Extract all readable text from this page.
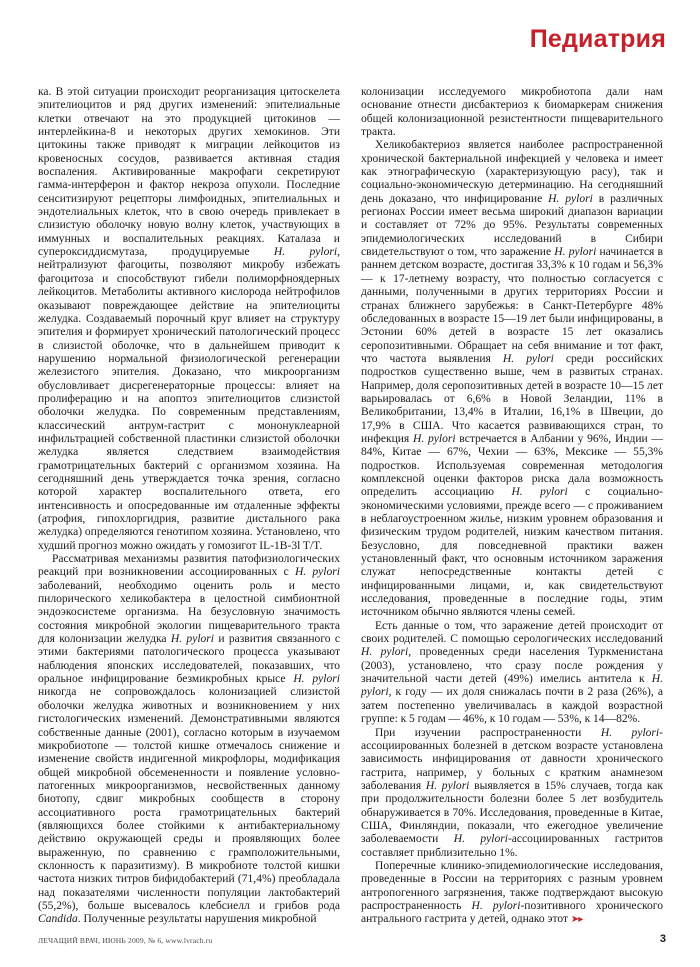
Педиатрия

ка. В этой ситуации происходит реорганизация цитоскелета эпителиоцитов и ряд других изменений: эпителиальные клетки отвечают на это продукцией цитокинов — интерлейкина-8 и некоторых других хемокинов. Эти цитокины также приводят к миграции лейкоцитов из кровеносных сосудов, развивается активная стадия воспаления. Активированные макрофаги секретируют гамма-интерферон и фактор некроза опухоли. Последние сенситизируют рецепторы лимфоидных, эпителиальных и эндотелиальных клеток, что в свою очередь привлекает в слизистую оболочку новую волну клеток, участвующих в иммунных и воспалительных реакциях. Каталаза и супероксиддисмутаза, продуцируемые H. pylori, нейтрализуют фагоциты, позволяют микробу избежать фагоцитоза и способствуют гибели полиморфноядерных лейкоцитов. Метаболиты активного кислорода нейтрофилов оказывают повреждающее действие на эпителиоциты желудка. Создаваемый порочный круг влияет на структуру эпителия и формирует хронический патологический процесс в слизистой оболочке, что в дальнейшем приводит к нарушению нормальной физиологической регенерации железистого эпителия. Доказано, что микроорганизм обусловливает дисрегенераторные процессы: влияет на пролиферацию и на апоптоз эпителиоцитов слизистой оболочки желудка. По современным представлениям, классический антрум-гастрит с мононуклеарной инфильтрацией собственной пластинки слизистой оболочки желудка является следствием взаимодействия грамотрицательных бактерий с организмом хозяина. На сегодняшний день утверждается точка зрения, согласно которой характер воспалительного ответа, его интенсивность и опосредованные им отдаленные эффекты (атрофия, гипохлоргидрия, развитие дистального рака желудка) определяются генотипом хозяина. Установлено, что худший прогноз можно ожидать у гомозигот IL-1B-3l T/T.

Рассматривая механизмы развития патофизиологических реакций при возникновении ассоциированных с H. pylori заболеваний, необходимо оценить роль и место пилорического хеликобактера в целостной симбионтной эндоэкосистеме организма. На безусловную значимость состояния микробной экологии пищеварительного тракта для колонизации желудка H. pylori и развития связанного с этими бактериями патологического процесса указывают наблюдения японских исследователей, показавших, что оральное инфицирование безмикробных крысе H. pylori никогда не сопровождалось колонизацией слизистой оболочки желудка животных и возникновением у них гистологических изменений. Демонстративными являются собственные данные (2001), согласно которым в изучаемом микробиотопе — толстой кишке отмечалось снижение и изменение свойств индигенной микрофлоры, модификация общей микробной обсемененности и появление условно-патогенных микроорганизмов, несвойственных данному биотопу, сдвиг микробных сообществ в сторону ассоциативного роста грамотрицательных бактерий (являющихся более стойкими к антибактериальному действию окружающей среды и проявляющих более выраженную, по сравнению с грамположительными, склонность к паразитизму). В микробиоте толстой кишки частота низких титров бифидобактерий (71,4%) преобладала над показателями численности популяции лактобактерий (55,2%), больше высевалось клебсиелл и грибов рода Candida. Полученные результаты нарушения микробной

колонизации исследуемого микробиотопа дали нам основание отнести дисбактериоз к биомаркерам снижения общей колонизационной резистентности пищеварительного тракта.

Хеликобактериоз является наиболее распространенной хронической бактериальной инфекцией у человека и имеет как этнографическую (характеризующую расу), так и социально-экономическую детерминацию. На сегодняшний день доказано, что инфицирование H. pylori в различных регионах России имеет весьма широкий диапазон вариации и составляет от 72% до 95%. Результаты современных эпидемиологических исследований в Сибири свидетельствуют о том, что заражение H. pylori начинается в раннем детском возрасте, достигая 33,3% к 10 годам и 56,3% — к 17-летнему возрасту, что полностью согласуется с данными, полученными в других территориях России и странах ближнего зарубежья: в Санкт-Петербурге 48% обследованных в возрасте 15—19 лет были инфицированы, в Эстонии 60% детей в возрасте 15 лет оказались серопозитивными. Обращает на себя внимание и тот факт, что частота выявления H. pylori среди российских подростков существенно выше, чем в развитых странах. Например, доля серопозитивных детей в возрасте 10—15 лет варьировалась от 6,6% в Новой Зеландии, 11% в Великобритании, 13,4% в Италии, 16,1% в Швеции, до 17,9% в США. Что касается развивающихся стран, то инфекция H. pylori встречается в Албании у 96%, Индии — 84%, Китае — 67%, Чехии — 63%, Мексике — 55,3% подростков. Используемая современная методология комплексной оценки факторов риска дала возможность определить ассоциацию H. pylori с социально-экономическими условиями, прежде всего — с проживанием в неблагоустроенном жилье, низким уровнем образования и физическим трудом родителей, низким качеством питания. Безусловно, для повседневной практики важен установленный факт, что основным источником заражения служат непосредственные контакты детей с инфицированными лицами, и, как свидетельствуют исследования, проведенные в последние годы, этим источником обычно являются члены семей.

Есть данные о том, что заражение детей происходит от своих родителей. С помощью серологических исследований H. pylori, проведенных среди населения Туркменистана (2003), установлено, что сразу после рождения у значительной части детей (49%) имелись антитела к H. pylori, к году — их доля снижалась почти в 2 раза (26%), а затем постепенно увеличивалась в каждой возрастной группе: к 5 годам — 46%, к 10 годам — 53%, к 14—82%.

При изучении распространенности H. pylori-ассоциированных болезней в детском возрасте установлена зависимость инфицирования от давности хронического гастрита, например, у больных с кратким анамнезом заболевания H. pylori выявляется в 15% случаев, тогда как при продолжительности болезни более 5 лет возбудитель обнаруживается в 70%. Исследования, проведенные в Китае, США, Финляндии, показали, что ежегодное увеличение заболеваемости H. pylori-ассоциированных гастритов составляет приблизительно 1%.

Поперечные клинико-эпидемиологические исследования, проведенные в России на территориях с разным уровнем антропогенного загрязнения, также подтверждают высокую распространенность H. pylori-позитивного хронического антрального гастрита у детей, однако этот ➤▸

ЛЕЧАЩИЙ ВРАЧ, ИЮНЬ 2009, № 6, www.lvrach.ru	3
